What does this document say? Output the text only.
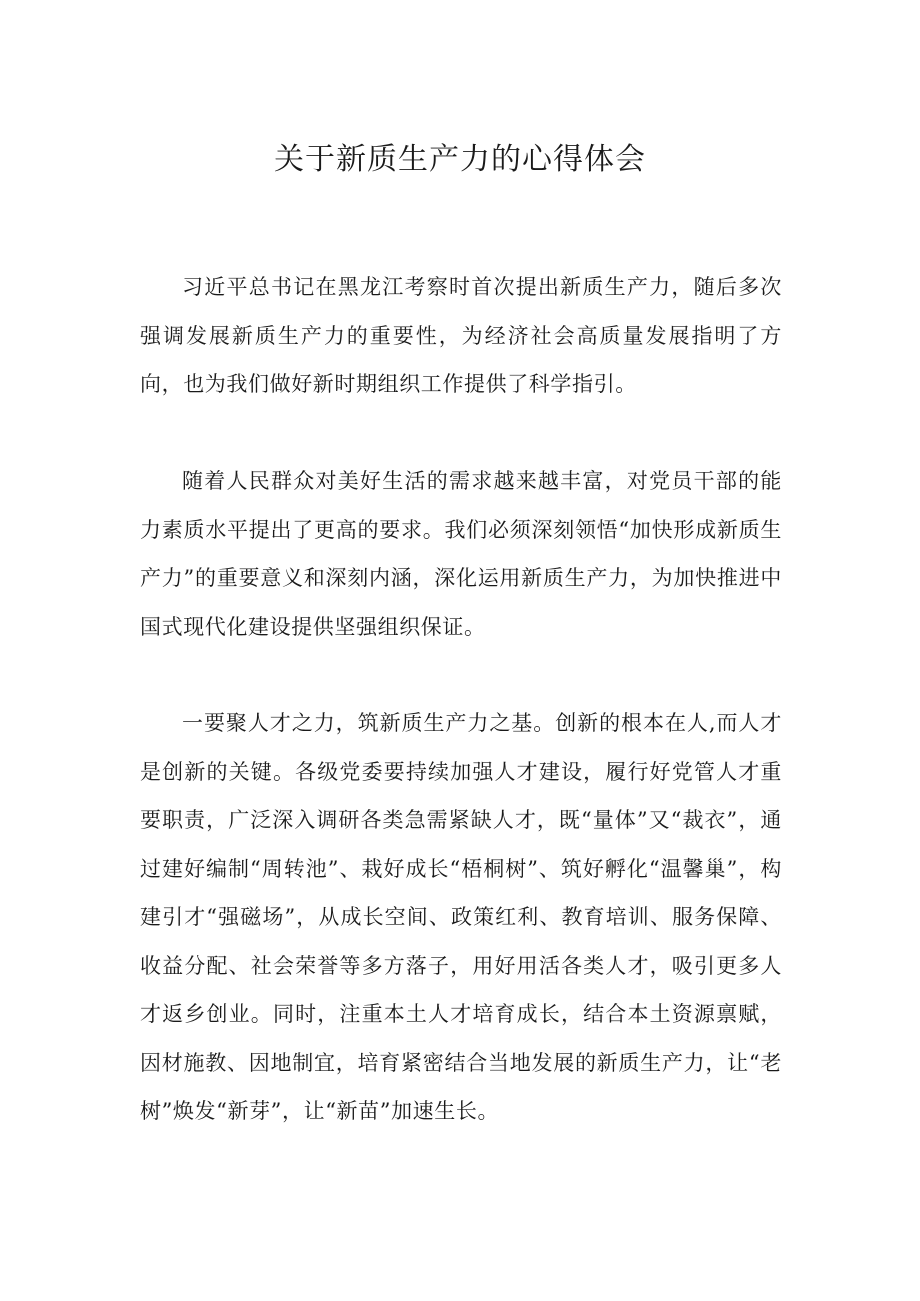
关于新质生产力的心得体会

习近平总书记在黑龙江考察时首次提出新质生产力，随后多次强调发展新质生产力的重要性，为经济社会高质量发展指明了方向，也为我们做好新时期组织工作提供了科学指引。

随着人民群众对美好生活的需求越来越丰富，对党员干部的能力素质水平提出了更高的要求。我们必须深刻领悟“加快形成新质生产力”的重要意义和深刻内涵，深化运用新质生产力，为加快推进中国式现代化建设提供坚强组织保证。

一要聚人才之力，筑新质生产力之基。创新的根本在人,而人才是创新的关键。各级党委要持续加强人才建设，履行好党管人才重要职责，广泛深入调研各类急需紧缺人才，既“量体”又“裁衣”，通过建好编制“周转池”、栽好成长“梧桐树”、筑好孵化“温馨巢”，构建引才“强磁场”，从成长空间、政策红利、教育培训、服务保障、收益分配、社会荣誉等多方落子，用好用活各类人才，吸引更多人才返乡创业。同时，注重本土人才培育成长，结合本土资源禀赋，因材施教、因地制宜，培育紧密结合当地发展的新质生产力，让“老树”焕发“新芽”，让“新苗”加速生长。
